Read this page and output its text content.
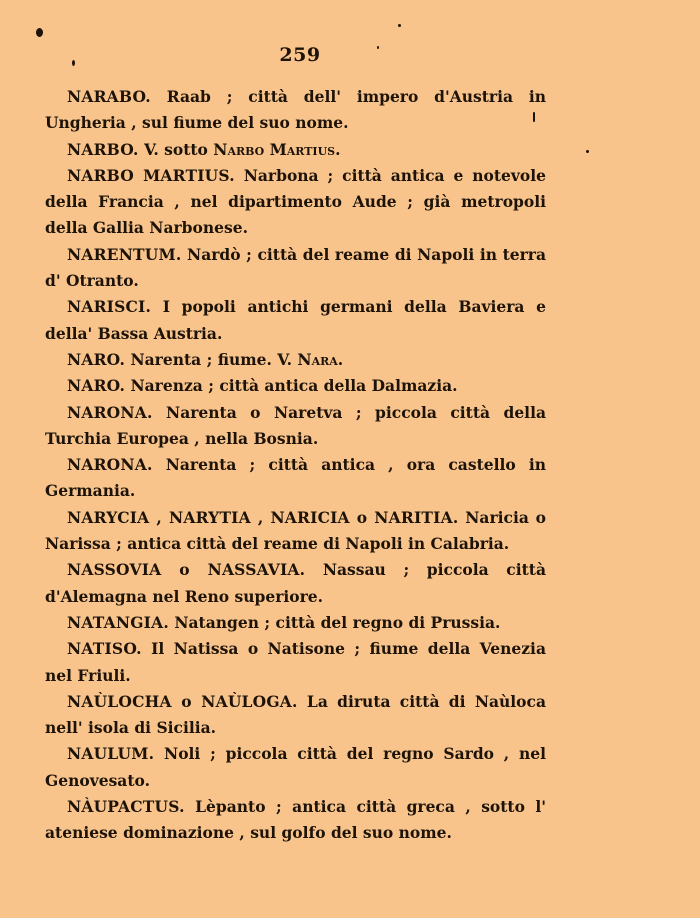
259

NARABO. Raab ; città dell' impero d'Austria in Ungheria , sul fiume del suo nome.

NARBO. V. sotto Narbo Martius.

NARBO MARTIUS. Narbona ; città antica e notevole della Francia , nel dipartimento Aude ; già metropoli della Gallia Narbonese.

NARENTUM. Nardò ; città del reame di Napoli in terra d' Otranto.

NARISCI. I popoli antichi germani della Baviera e della' Bassa Austria.

NARO. Narenta ; fiume. V. Nara.

NARO. Narenza ; città antica della Dalmazia.

NARONA. Narenta o Naretva ; piccola città della Turchia Europea , nella Bosnia.

NARONA. Narenta ; città antica , ora castello in Germania.

NARYCIA , NARYTIA , NARICIA o NARITIA. Naricia o Narissa ; antica città del reame di Napoli in Calabria.

NASSOVIA o NASSAVIA. Nassau ; piccola città d'Alemagna nel Reno superiore.

NATANGIA. Natangen ; città del regno di Prussia.

NATISO. Il Natissa o Natisone ; fiume della Venezia nel Friuli.

NAÙLOCHA o NAÙLOGA. La diruta città di Naùloca nell' isola di Sicilia.

NAULUM. Noli ; piccola città del regno Sardo , nel Genovesato.

NÀUPACTUS. Lèpanto ; antica città greca , sotto l' ateniese dominazione , sul golfo del suo nome.
